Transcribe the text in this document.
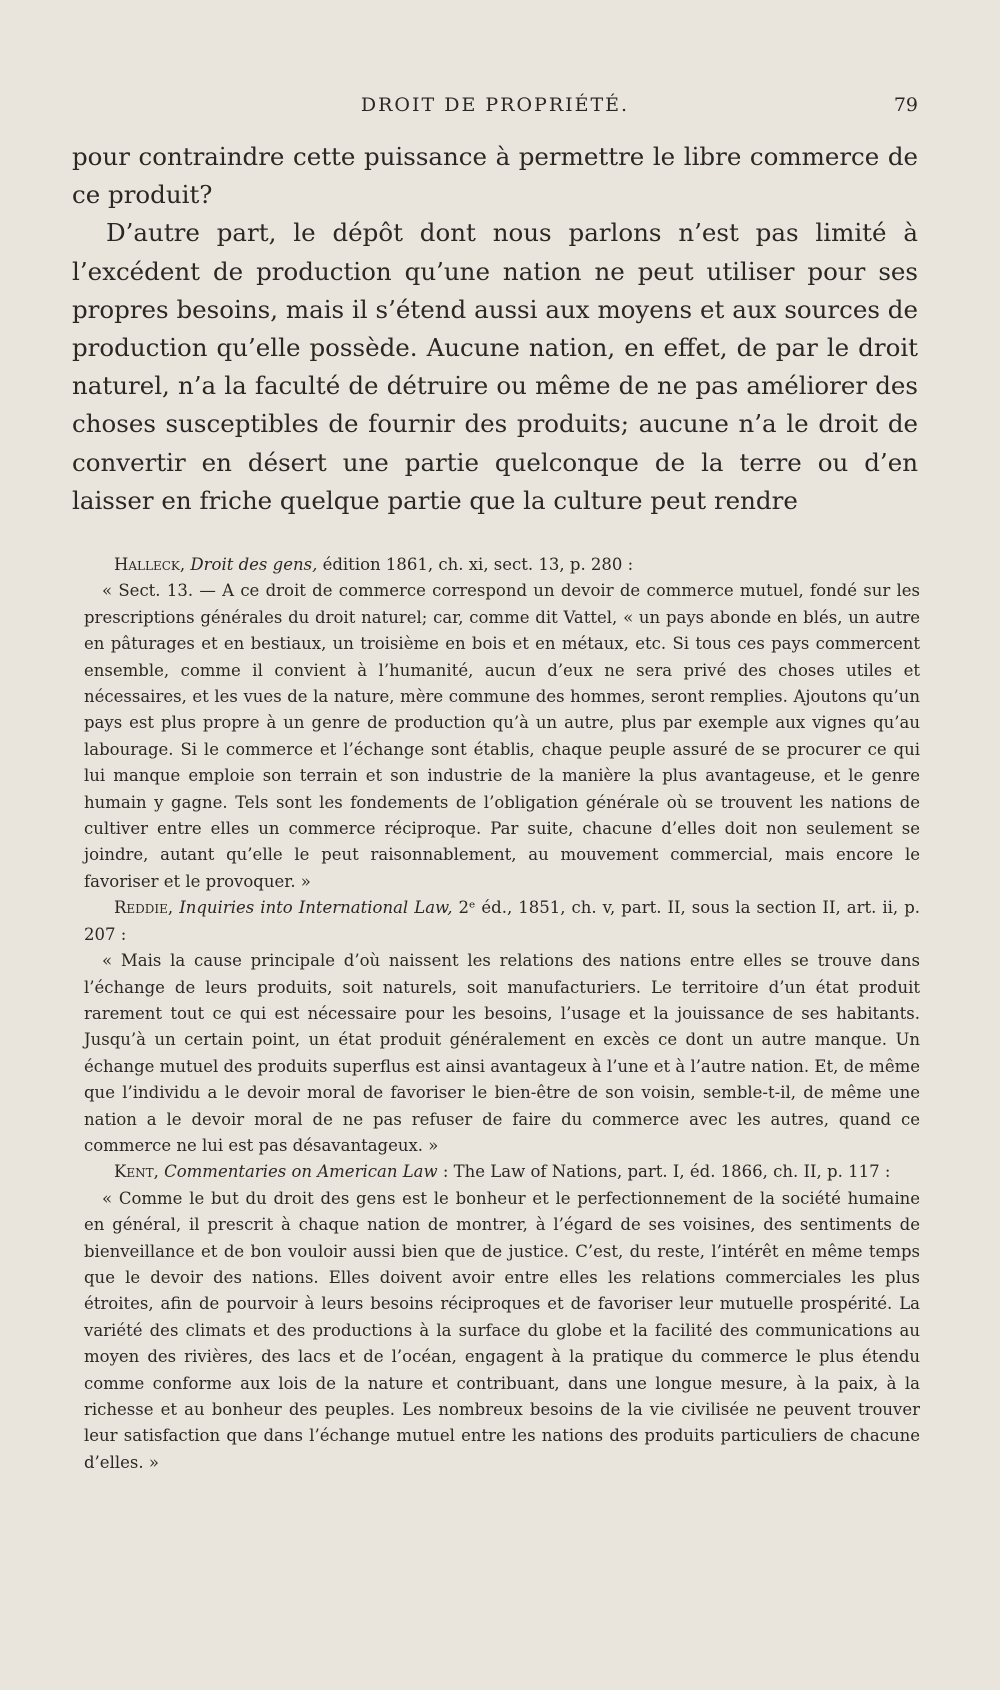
DROIT DE PROPRIÉTÉ.	79

pour contraindre cette puissance à permettre le libre commerce de ce produit?

D’autre part, le dépôt dont nous parlons n’est pas limité à l’excédent de production qu’une nation ne peut utiliser pour ses propres besoins, mais il s’étend aussi aux moyens et aux sources de production qu’elle possède. Aucune nation, en effet, de par le droit naturel, n’a la faculté de détruire ou même de ne pas améliorer des choses susceptibles de fournir des produits; aucune n’a le droit de convertir en désert une partie quelconque de la terre ou d’en laisser en friche quelque partie que la culture peut rendre

Halleck, Droit des gens, édition 1861, ch. xi, sect. 13, p. 280 :

« Sect. 13. — A ce droit de commerce correspond un devoir de commerce mutuel, fondé sur les prescriptions générales du droit naturel; car, comme dit Vattel, « un pays abonde en blés, un autre en pâturages et en bestiaux, un troisième en bois et en métaux, etc. Si tous ces pays commercent ensemble, comme il convient à l’humanité, aucun d’eux ne sera privé des choses utiles et nécessaires, et les vues de la nature, mère commune des hommes, seront remplies. Ajoutons qu’un pays est plus propre à un genre de production qu’à un autre, plus par exemple aux vignes qu’au labourage. Si le commerce et l’échange sont établis, chaque peuple assuré de se procurer ce qui lui manque emploie son terrain et son industrie de la manière la plus avantageuse, et le genre humain y gagne. Tels sont les fondements de l’obligation générale où se trouvent les nations de cultiver entre elles un commerce réciproque. Par suite, chacune d’elles doit non seulement se joindre, autant qu’elle le peut raisonnablement, au mouvement commercial, mais encore le favoriser et le provoquer. »

Reddie, Inquiries into International Law, 2ᵉ éd., 1851, ch. v, part. II, sous la section II, art. ii, p. 207 :

« Mais la cause principale d’où naissent les relations des nations entre elles se trouve dans l’échange de leurs produits, soit naturels, soit manufacturiers. Le territoire d’un état produit rarement tout ce qui est nécessaire pour les besoins, l’usage et la jouissance de ses habitants. Jusqu’à un certain point, un état produit généralement en excès ce dont un autre manque. Un échange mutuel des produits superflus est ainsi avantageux à l’une et à l’autre nation. Et, de même que l’individu a le devoir moral de favoriser le bien-être de son voisin, semble-t-il, de même une nation a le devoir moral de ne pas refuser de faire du commerce avec les autres, quand ce commerce ne lui est pas désavantageux. »

Kent, Commentaries on American Law : The Law of Nations, part. I, éd. 1866, ch. II, p. 117 :

« Comme le but du droit des gens est le bonheur et le perfectionnement de la société humaine en général, il prescrit à chaque nation de montrer, à l’égard de ses voisines, des sentiments de bienveillance et de bon vouloir aussi bien que de justice. C’est, du reste, l’intérêt en même temps que le devoir des nations. Elles doivent avoir entre elles les relations commerciales les plus étroites, afin de pourvoir à leurs besoins réciproques et de favoriser leur mutuelle prospérité. La variété des climats et des productions à la surface du globe et la facilité des communications au moyen des rivières, des lacs et de l’océan, engagent à la pratique du commerce le plus étendu comme conforme aux lois de la nature et contribuant, dans une longue mesure, à la paix, à la richesse et au bonheur des peuples. Les nombreux besoins de la vie civilisée ne peuvent trouver leur satisfaction que dans l’échange mutuel entre les nations des produits particuliers de chacune d’elles. »
